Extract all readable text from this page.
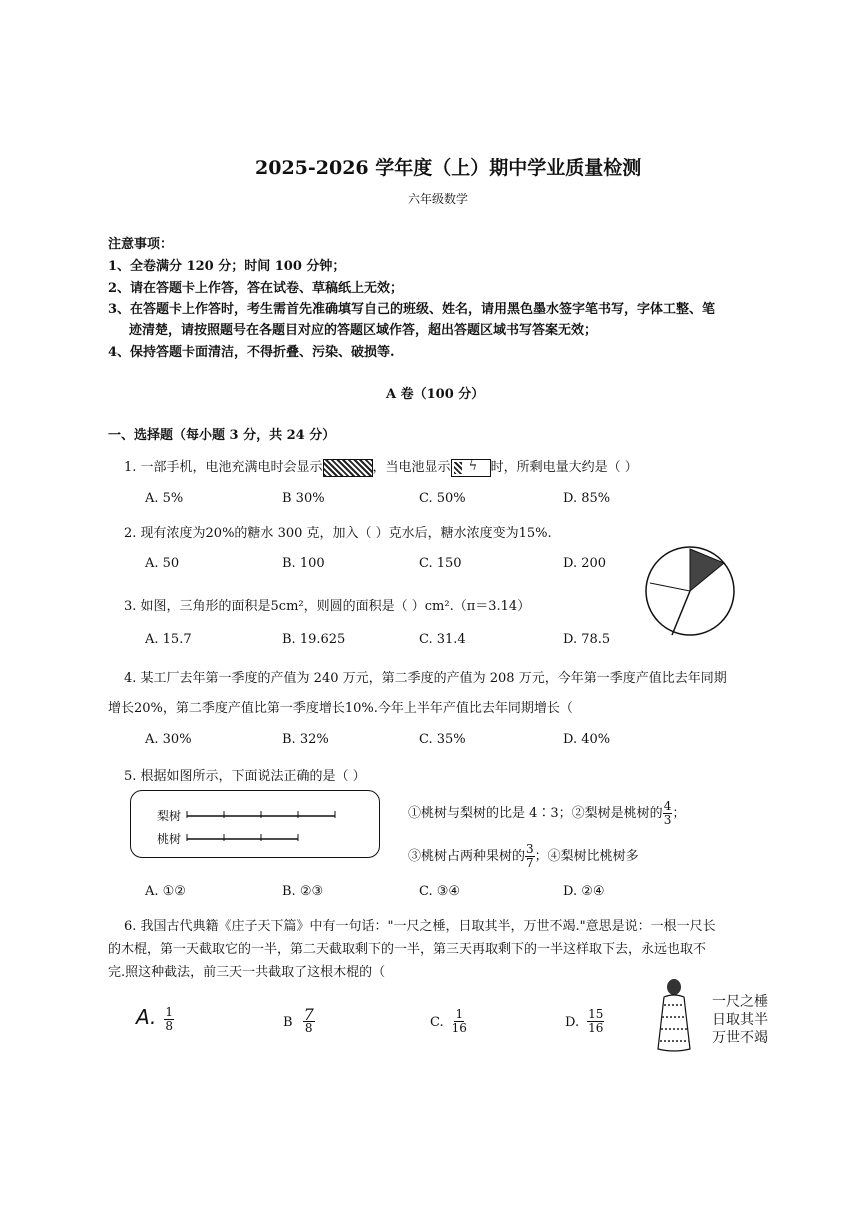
2025-2026 学年度（上）期中学业质量检测
六年级数学
注意事项：
1、全卷满分 120 分；时间 100 分钟；
2、请在答题卡上作答，答在试卷、草稿纸上无效；
3、在答题卡上作答时，考生需首先准确填写自己的班级、姓名，请用黑色墨水签字笔书写，字体工整、笔
迹清楚，请按照题号在各题目对应的答题区域作答，超出答题区域书写答案无效；
4、保持答题卡面清洁，不得折叠、污染、破损等.
A 卷（100 分）
一、选择题（每小题 3 分，共 24 分）
1. 一部手机，电池充满电时会显示	，当电池显示 ϟ 时，所剩电量大约是（ ）
A. 5%	B 30%	C. 50%	D. 85%
2. 现有浓度为20%的糖水 300 克，加入（ ）克水后，糖水浓度变为15%.
A. 50	B. 100	C. 150	D. 200
3. 如图，三角形的面积是5cm²，则圆的面积是（ ）cm².（π＝3.14）
A. 15.7	B. 19.625	C. 31.4	D. 78.5
4. 某工厂去年第一季度的产值为 240 万元，第二季度的产值为 208 万元，今年第一季度产值比去年同期
增长20%，第二季度产值比第一季度增长10%.今年上半年产值比去年同期增长（
A. 30%	B. 32%	C. 35%	D. 40%
5. 根据如图所示，下面说法正确的是（ ）
梨树
桃树
①桃树与梨树的比是 4∶3；②梨树是桃树的 $\frac{4}{3}$ ；
③桃树占两种果树的 $\frac{3}{7}$ ；④梨树比桃树多
A. ①②	B. ②③	C. ③④	D. ②④
6. 我国古代典籍《庄子天下篇》中有一句话："一尺之棰，日取其半，万世不竭."意思是说：一根一尺长
的木棍，第一天截取它的一半，第二天截取剩下的一半，第三天再取剩下的一半这样取下去，永远也取不
完.照这种截法，前三天一共截取了这根木棍的（
A. $\frac{1}{8}$	B $\frac{7}{8}$	C. $\frac{1}{16}$	D. $\frac{15}{16}$
一尺之棰
日取其半
万世不竭
